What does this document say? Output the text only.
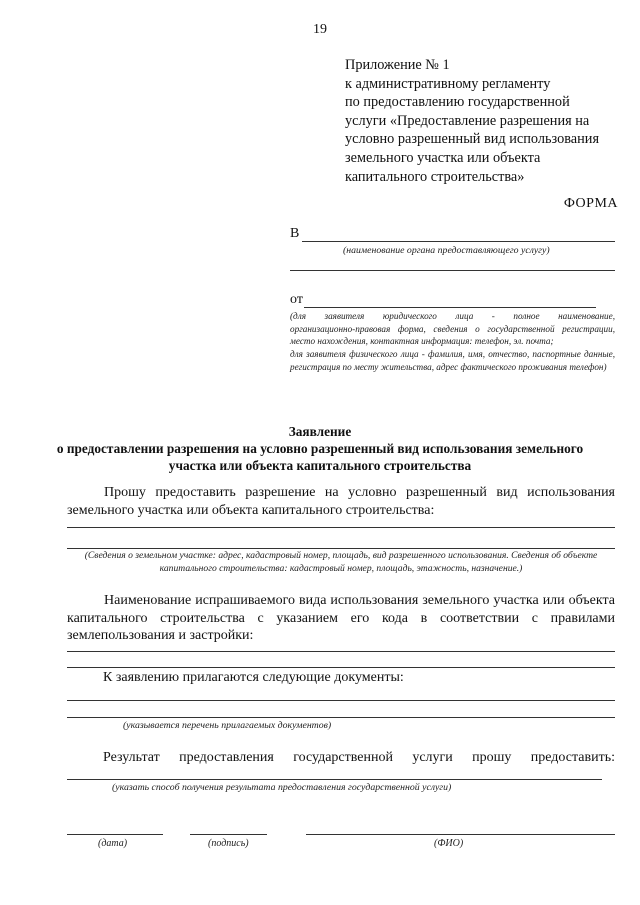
19
Приложение № 1
к административному регламенту
по предоставлению государственной
услуги «Предоставление разрешения на
условно разрешенный вид использования
земельного участка или объекта
капитального строительства»
ФОРМА
В
(наименование органа предоставляющего услугу)
от

(для заявителя юридического лица - полное наименование,

организационно-правовая форма, сведения о государственной регистрации, место нахождения, контактная информация: телефон, эл. почта;

для заявителя физического лица - фамилия, имя, отчество, паспортные данные, регистрация по месту жительства, адрес фактического проживания телефон)

Заявление
о предоставлении разрешения на условно разрешенный вид использования земельного
участка или объекта капитального строительства
Прошу предоставить разрешение на условно разрешенный вид использования земельного участка или объекта капитального строительства:
(Сведения о земельном участке: адрес, кадастровый номер, площадь, вид разрешенного использования. Сведения об объекте капитального строительства: кадастровый номер, площадь, этажность, назначение.)
Наименование испрашиваемого вида использования земельного участка или объекта капитального строительства с указанием его кода в соответствии с правилами землепользования и застройки:
К заявлению прилагаются следующие документы:
(указывается перечень прилагаемых документов)
Результат предоставления государственной услуги прошу предоставить:
(указать способ получения результата предоставления государственной услуги)
(дата)	(подпись)	(ФИО)
